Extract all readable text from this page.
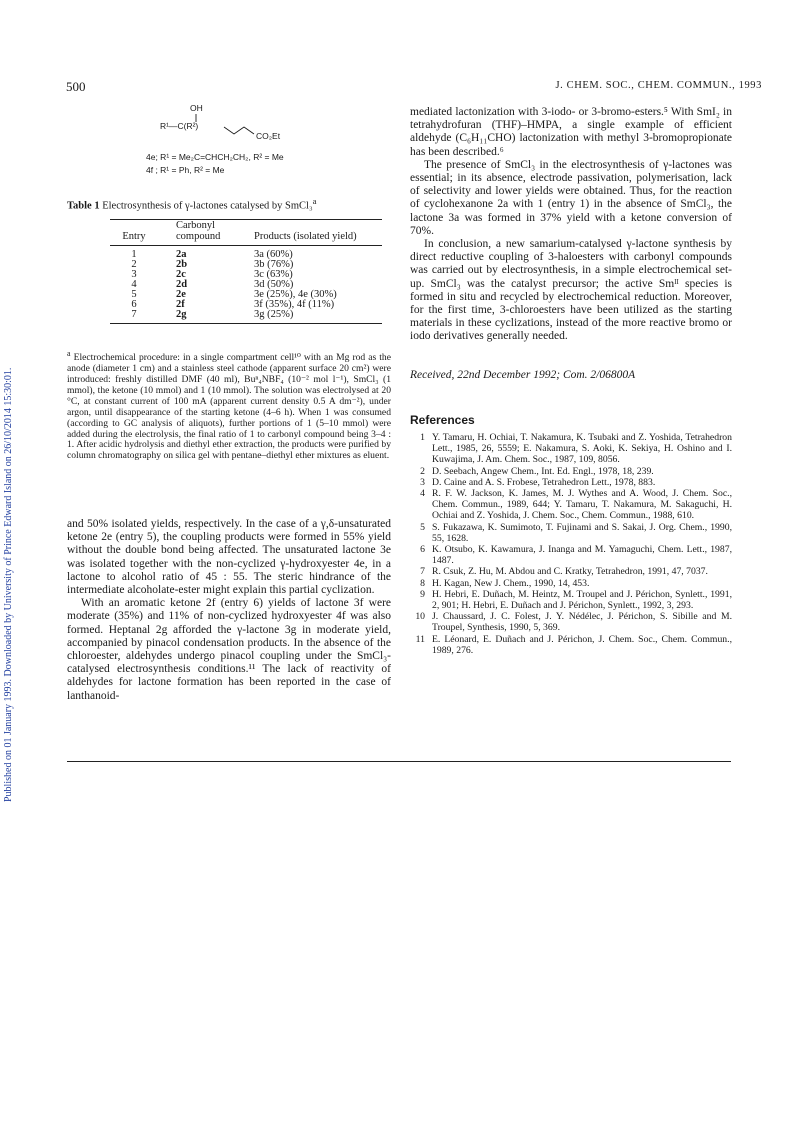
500	J. CHEM. SOC., CHEM. COMMUN., 1993
Published on 01 January 1993. Downloaded by University of Prince Edward Island on 26/10/2014 15:30:01.
OH
R¹—C(R²)
CO₂Et
4e; R¹ = Me₂C=CHCH₂CH₂, R² = Me
4f ; R¹ = Ph, R² = Me
Table 1 Electrosynthesis of γ-lactones catalysed by SmCl₃$^a$
Entry	Carbonyl compound	Products (isolated yield)
1	2a	3a (60%)
2	2b	3b (76%)
3	2c	3c (63%)
4	2d	3d (50%)
5	2e	3e (25%), 4e (30%)
6	2f	3f (35%), 4f (11%)
7	2g	3g (25%)
$^a$ Electrochemical procedure: in a single compartment cell¹⁰ with an Mg rod as the anode (diameter 1 cm) and a stainless steel cathode (apparent surface 20 cm²) were introduced: freshly distilled DMF (40 ml), Buⁿ₄NBF₄ (10⁻² mol l⁻¹), SmCl₃ (1 mmol), the ketone (10 mmol) and 1 (10 mmol). The solution was electrolysed at 20 °C, at constant current of 100 mA (apparent current density 0.5 A dm⁻²), under argon, until disappearance of the starting ketone (4–6 h). When 1 was consumed (according to GC analysis of aliquots), further portions of 1 (5–10 mmol) were added during the electrolysis, the final ratio of 1 to carbonyl compound being 3–4 : 1. After acidic hydrolysis and diethyl ether extraction, the products were purified by column chromatography on silica gel with pentane–diethyl ether mixtures as eluent.

and 50% isolated yields, respectively. In the case of a γ,δ-unsaturated ketone 2e (entry 5), the coupling products were formed in 55% yield without the double bond being affected. The unsaturated lactone 3e was isolated together with the non-cyclized γ-hydroxyester 4e, in a lactone to alcohol ratio of 45 : 55. The steric hindrance of the intermediate alcoholate-ester might explain this partial cyclization.

With an aromatic ketone 2f (entry 6) yields of lactone 3f were moderate (35%) and 11% of non-cyclized hydroxyester 4f was also formed. Heptanal 2g afforded the γ-lactone 3g in moderate yield, accompanied by pinacol condensation products. In the absence of the chloroester, aldehydes undergo pinacol coupling under the SmCl₃-catalysed electrosynthesis conditions.¹¹ The lack of reactivity of aldehydes for lactone formation has been reported in the case of lanthanoid-

mediated lactonization with 3-iodo- or 3-bromo-esters.⁵ With SmI₂ in tetrahydrofuran (THF)–HMPA, a single example of efficient aldehyde (C₆H₁₁CHO) lactonization with methyl 3-bromopropionate has been described.⁶

The presence of SmCl₃ in the electrosynthesis of γ-lactones was essential; in its absence, electrode passivation, polymerisation, lack of selectivity and lower yields were obtained. Thus, for the reaction of cyclohexanone 2a with 1 (entry 1) in the absence of SmCl₃, the lactone 3a was formed in 37% yield with a ketone conversion of 70%.

In conclusion, a new samarium-catalysed γ-lactone synthesis by direct reductive coupling of 3-haloesters with carbonyl compounds was carried out by electrosynthesis, in a simple electrochemical set-up. SmCl₃ was the catalyst precursor; the active Smᴵᴵ species is formed in situ and recycled by electrochemical reduction. Moreover, for the first time, 3-chloroesters have been utilized as the starting materials in these cyclizations, instead of the more reactive bromo or iodo derivatives generally needed.

Received, 22nd December 1992; Com. 2/06800A
References
1 Y. Tamaru, H. Ochiai, T. Nakamura, K. Tsubaki and Z. Yoshida, Tetrahedron Lett., 1985, 26, 5559; E. Nakamura, S. Aoki, K. Sekiya, H. Oshino and I. Kuwajima, J. Am. Chem. Soc., 1987, 109, 8056.
2 D. Seebach, Angew Chem., Int. Ed. Engl., 1978, 18, 239.
3 D. Caine and A. S. Frobese, Tetrahedron Lett., 1978, 883.
4 R. F. W. Jackson, K. James, M. J. Wythes and A. Wood, J. Chem. Soc., Chem. Commun., 1989, 644; Y. Tamaru, T. Nakamura, M. Sakaguchi, H. Ochiai and Z. Yoshida, J. Chem. Soc., Chem. Commun., 1988, 610.
5 S. Fukazawa, K. Sumimoto, T. Fujinami and S. Sakai, J. Org. Chem., 1990, 55, 1628.
6 K. Otsubo, K. Kawamura, J. Inanga and M. Yamaguchi, Chem. Lett., 1987, 1487.
7 R. Csuk, Z. Hu, M. Abdou and C. Kratky, Tetrahedron, 1991, 47, 7037.
8 H. Kagan, New J. Chem., 1990, 14, 453.
9 H. Hebri, E. Duñach, M. Heintz, M. Troupel and J. Périchon, Synlett., 1991, 2, 901; H. Hebri, E. Duñach and J. Périchon, Synlett., 1992, 3, 293.
10 J. Chaussard, J. C. Folest, J. Y. Nédélec, J. Périchon, S. Sibille and M. Troupel, Synthesis, 1990, 5, 369.
11 E. Léonard, E. Duñach and J. Périchon, J. Chem. Soc., Chem. Commun., 1989, 276.
